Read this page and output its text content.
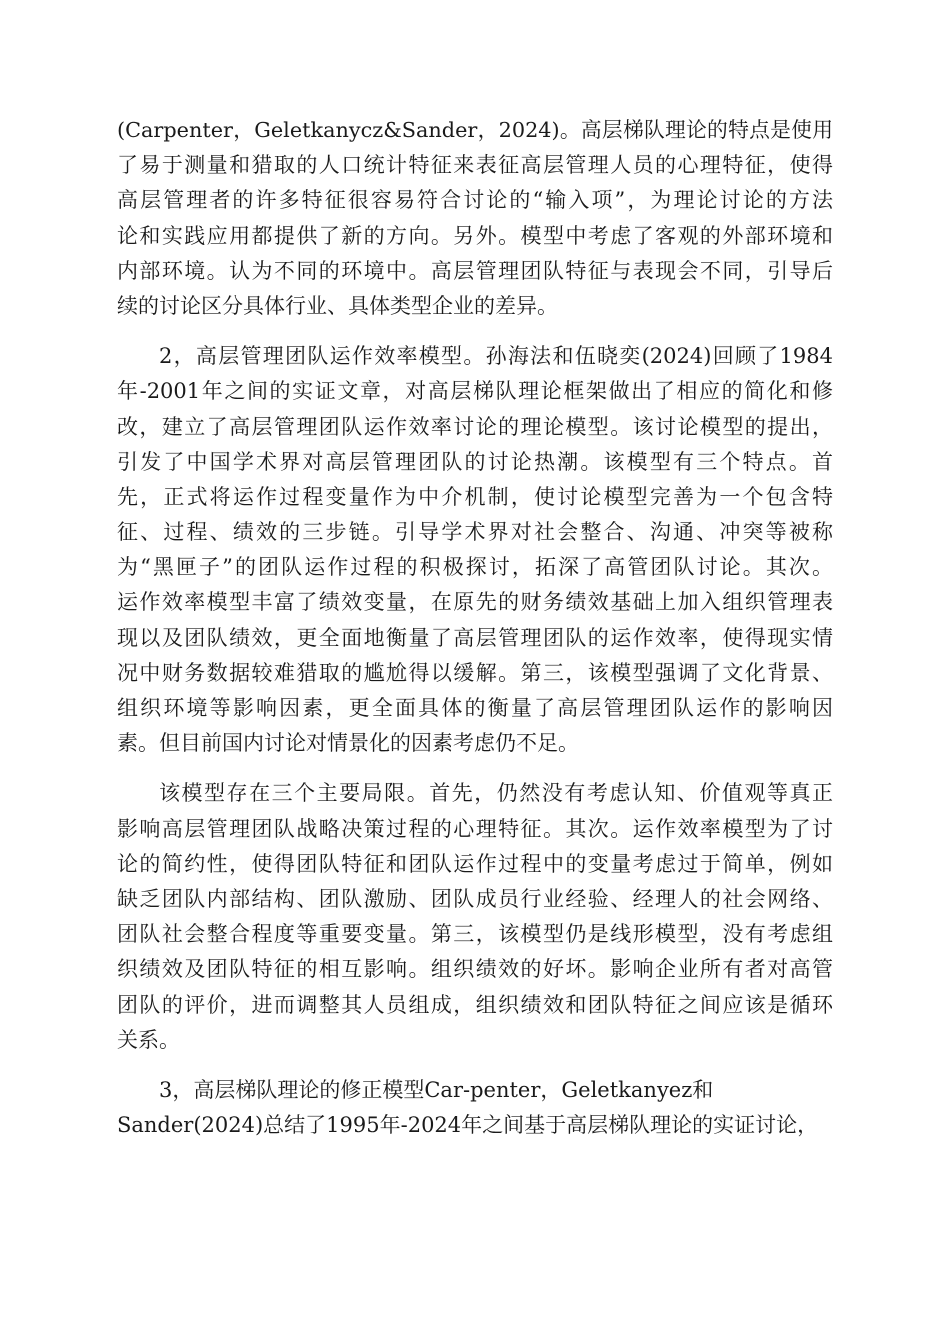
(Carpenter，Geletkanycz&Sander，2024)。高层梯队理论的特点是使用
了易于测量和猎取的人口统计特征来表征高层管理人员的心理特征，使得
高层管理者的许多特征很容易符合讨论的“输入项”，为理论讨论的方法
论和实践应用都提供了新的方向。另外。模型中考虑了客观的外部环境和
内部环境。认为不同的环境中。高层管理团队特征与表现会不同，引导后
续的讨论区分具体行业、具体类型企业的差异。
2，高层管理团队运作效率模型。孙海法和伍晓奕(2024)回顾了1984
年-2001年之间的实证文章，对高层梯队理论框架做出了相应的简化和修
改，建立了高层管理团队运作效率讨论的理论模型。该讨论模型的提出，
引发了中国学术界对高层管理团队的讨论热潮。该模型有三个特点。首
先，正式将运作过程变量作为中介机制，使讨论模型完善为一个包含特
征、过程、绩效的三步链。引导学术界对社会整合、沟通、冲突等被称
为“黑匣子”的团队运作过程的积极探讨，拓深了高管团队讨论。其次。
运作效率模型丰富了绩效变量，在原先的财务绩效基础上加入组织管理表
现以及团队绩效，更全面地衡量了高层管理团队的运作效率，使得现实情
况中财务数据较难猎取的尴尬得以缓解。第三，该模型强调了文化背景、
组织环境等影响因素，更全面具体的衡量了高层管理团队运作的影响因
素。但目前国内讨论对情景化的因素考虑仍不足。
该模型存在三个主要局限。首先，仍然没有考虑认知、价值观等真正
影响高层管理团队战略决策过程的心理特征。其次。运作效率模型为了讨
论的简约性，使得团队特征和团队运作过程中的变量考虑过于简单，例如
缺乏团队内部结构、团队激励、团队成员行业经验、经理人的社会网络、
团队社会整合程度等重要变量。第三，该模型仍是线形模型，没有考虑组
织绩效及团队特征的相互影响。组织绩效的好坏。影响企业所有者对高管
团队的评价，进而调整其人员组成，组织绩效和团队特征之间应该是循环
关系。
3，高层梯队理论的修正模型Car-penter，Geletkanyez和
Sander(2024)总结了1995年-2024年之间基于高层梯队理论的实证讨论，
